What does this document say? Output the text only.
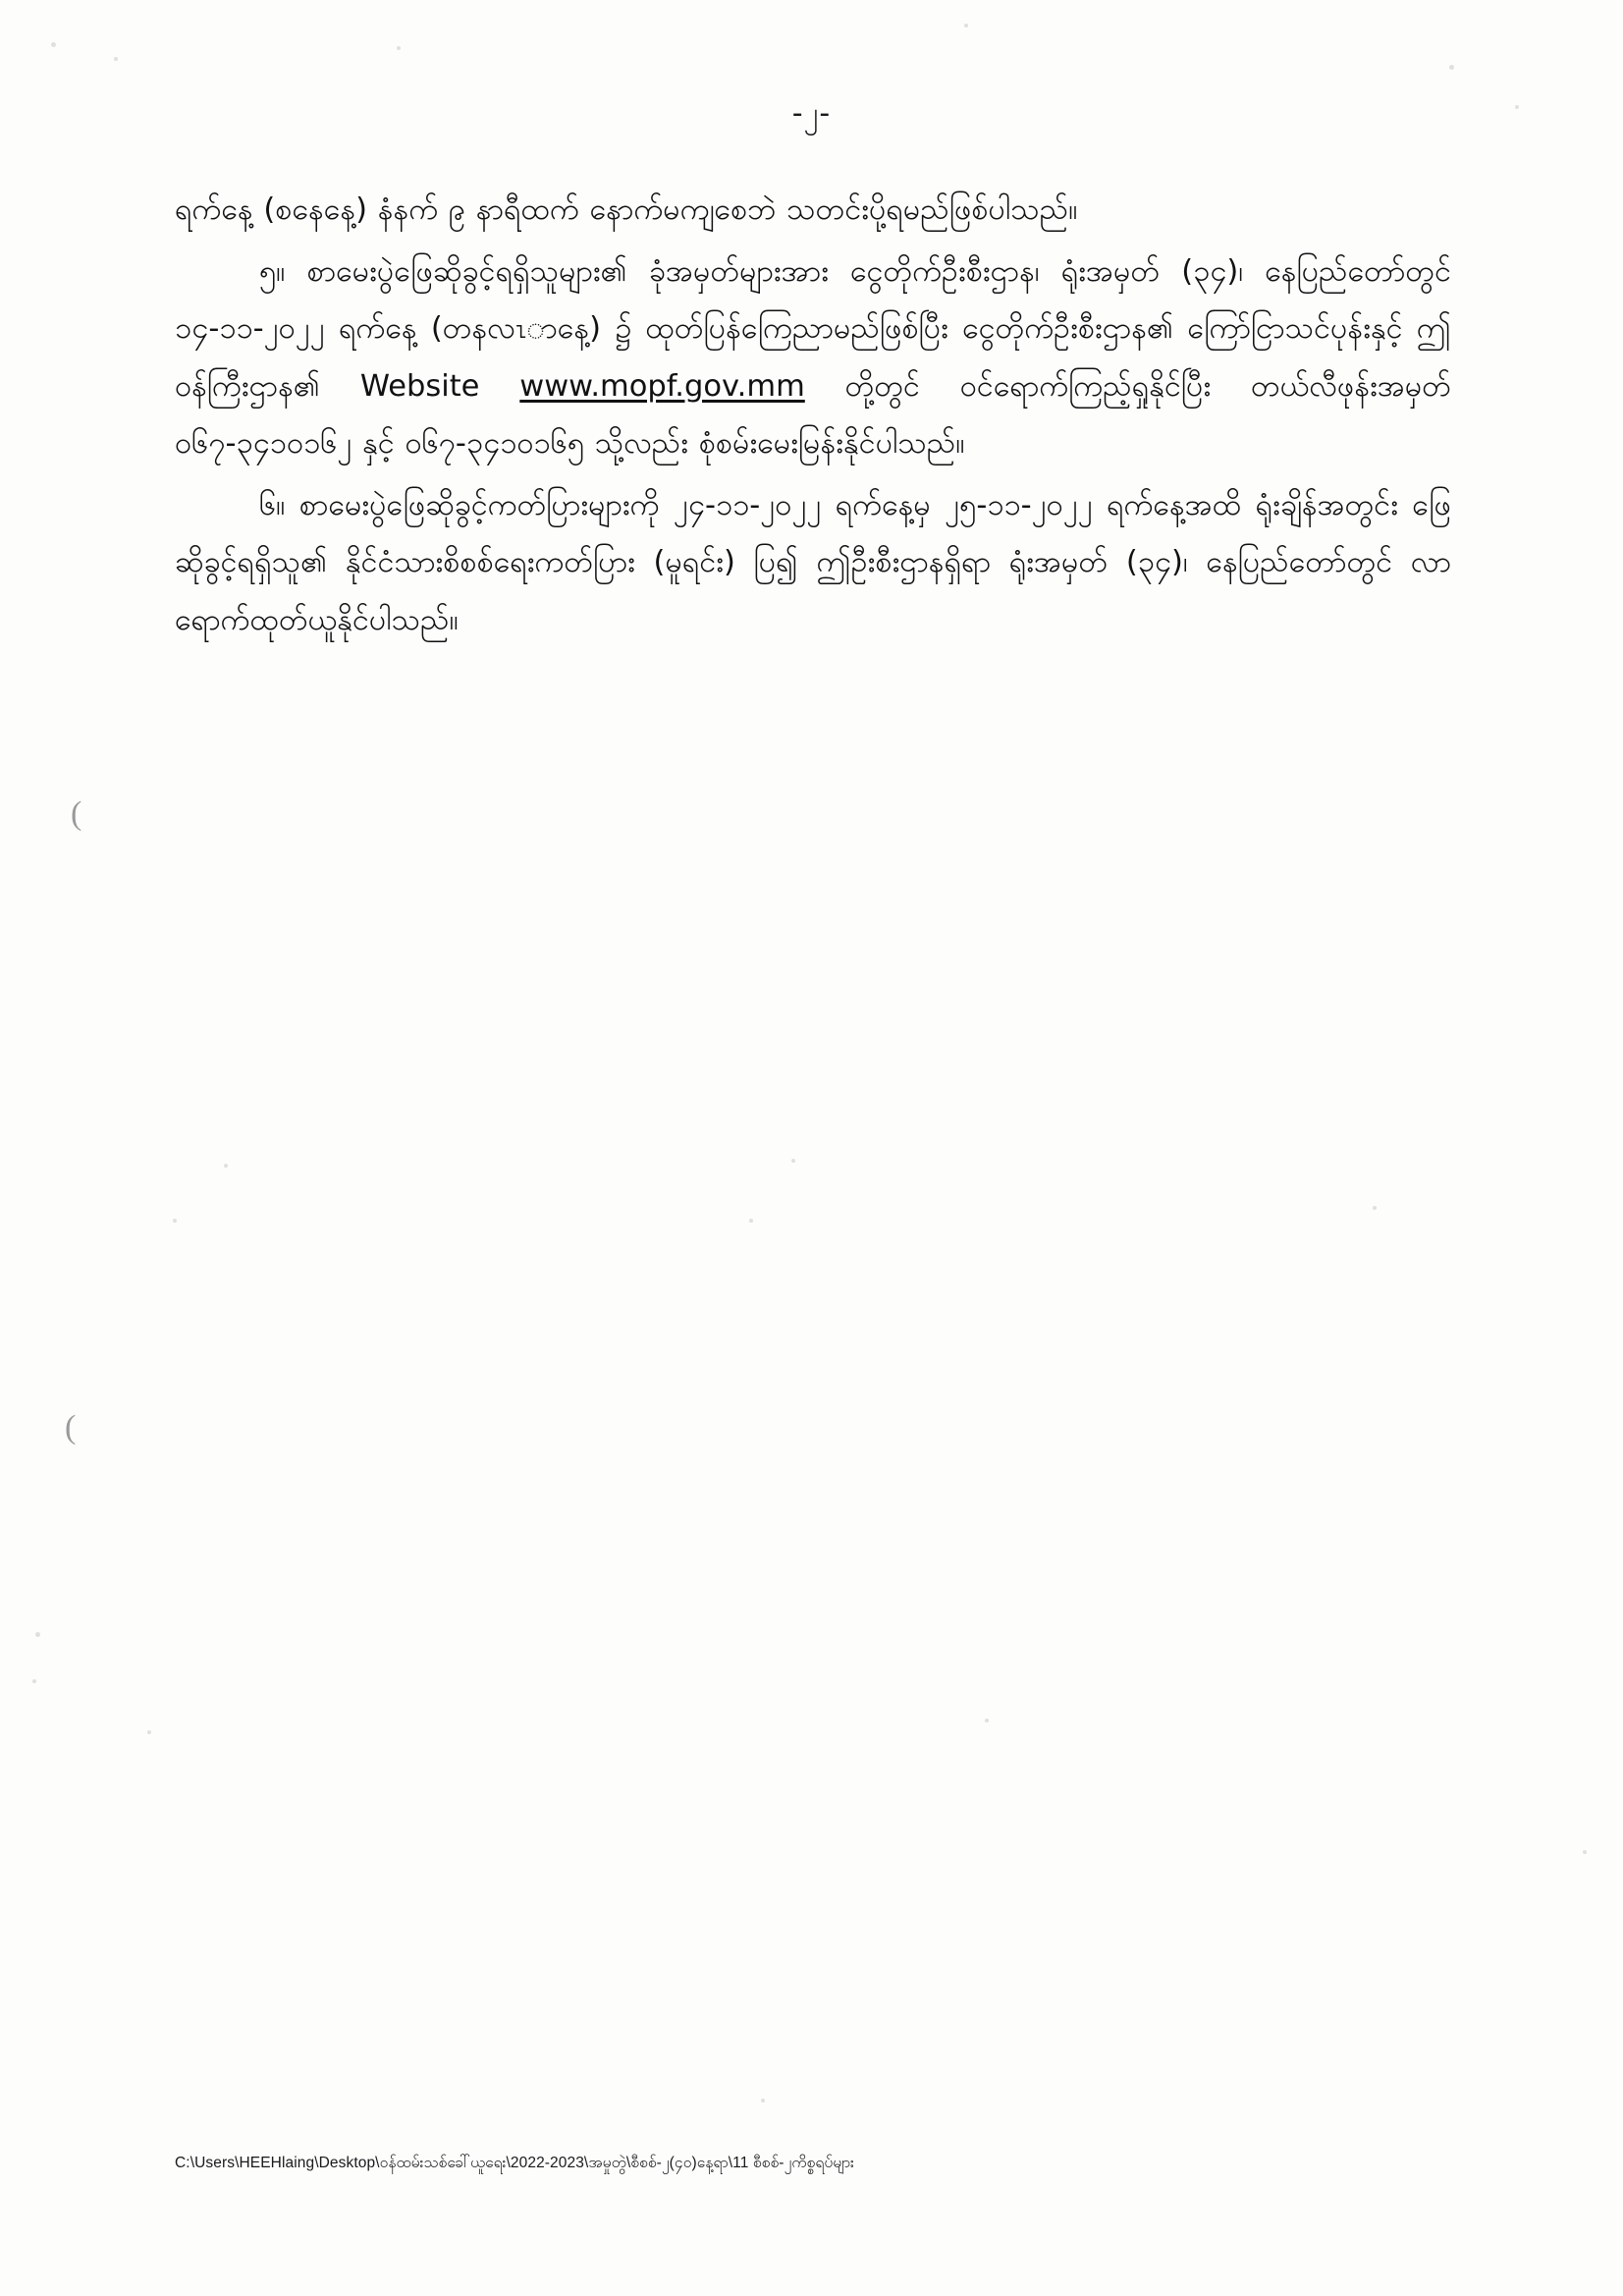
(
(
-၂-

ရက်နေ့ (စနေနေ့) နံနက် ၉ နာရီထက် နောက်မကျစေဘဲ သတင်းပို့ရမည်ဖြစ်ပါသည်။

၅။ စာမေးပွဲဖြေဆိုခွင့်ရရှိသူများ၏ ခုံအမှတ်များအား ငွေတိုက်ဦးစီးဌာန၊ ရုံးအမှတ် (၃၄)၊ နေပြည်တော်တွင် ၁၄-၁၁-၂၀၂၂ ရက်နေ့ (တနလၤာနေ့) ၌ ထုတ်ပြန်ကြေညာမည်ဖြစ်ပြီး ငွေတိုက်ဦးစီးဌာန၏ ကြော်ငြာသင်ပုန်းနှင့် ဤဝန်ကြီးဌာန၏ Website www.mopf.gov.mm တို့တွင် ဝင်ရောက်ကြည့်ရှုနိုင်ပြီး တယ်လီဖုန်းအမှတ် ၀၆၇-၃၄၁၀၁၆၂ နှင့် ၀၆၇-၃၄၁၀၁၆၅ သို့လည်း စုံစမ်းမေးမြန်းနိုင်ပါသည်။

၆။ စာမေးပွဲဖြေဆိုခွင့်ကတ်ပြားများကို ၂၄-၁၁-၂၀၂၂ ရက်နေ့မှ ၂၅-၁၁-၂၀၂၂ ရက်နေ့အထိ ရုံးချိန်အတွင်း ဖြေဆိုခွင့်ရရှိသူ၏ နိုင်ငံသားစိစစ်ရေးကတ်ပြား (မူရင်း) ပြ၍ ဤဦးစီးဌာနရှိရာ ရုံးအမှတ် (၃၄)၊ နေပြည်တော်တွင် လာရောက်ထုတ်ယူနိုင်ပါသည်။

C:\Users\HEEHlaing\Desktop\ဝန်ထမ်းသစ်ခေါ်ယူရေး\2022-2023\အမှုတွဲ\စီစစ်-၂(၄၀)နေ့ရာ\11 စီစစ်-၂ကိစ္စရပ်များ
